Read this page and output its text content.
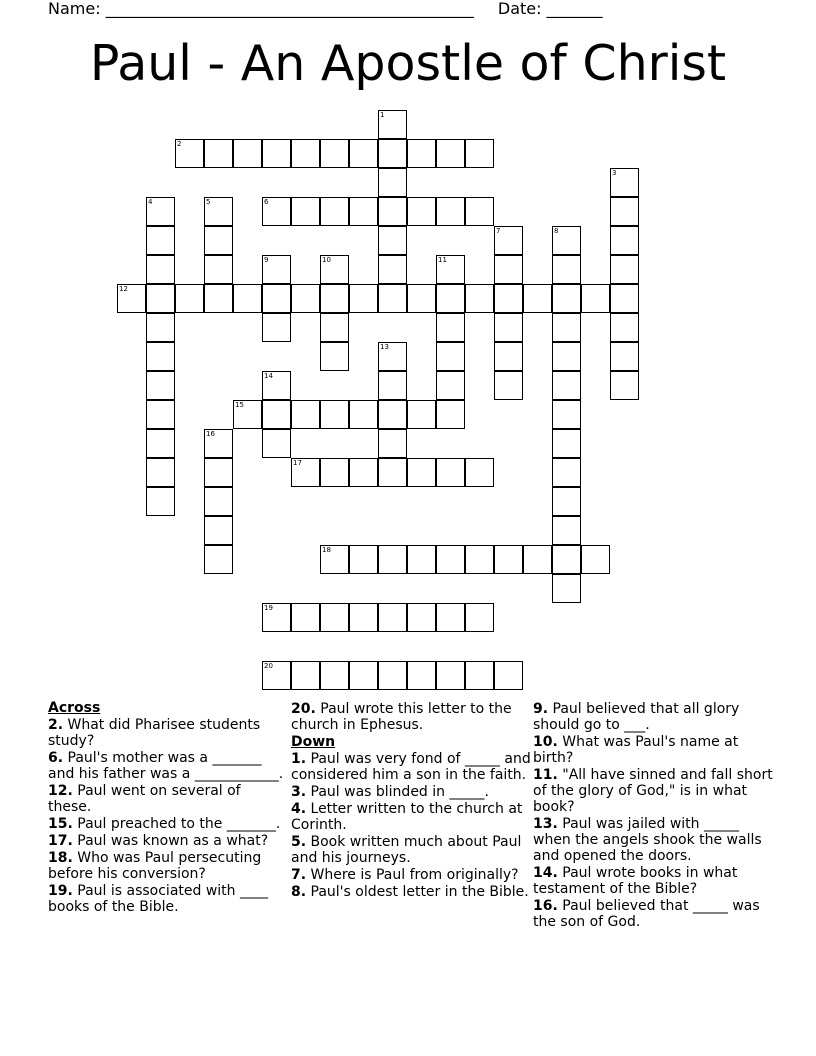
Name: ______________________________________________ Date: _______
Paul - An Apostle of Christ
1
2
3
4	5	6
7	8
9	10	11
12
13
14
15
16
17
18
19
20
Across
2. What did Pharisee students study?
6. Paul's mother was a _______ and his father was a ____________.
12. Paul went on several of these.
15. Paul preached to the _______.
17. Paul was known as a what?
18. Who was Paul persecuting before his conversion?
19. Paul is associated with ____ books of the Bible.
20. Paul wrote this letter to the church in Ephesus.
Down
1. Paul was very fond of _____ and considered him a son in the faith.
3. Paul was blinded in _____.
4. Letter written to the church at Corinth.
5. Book written much about Paul and his journeys.
7. Where is Paul from originally?
8. Paul's oldest letter in the Bible.
9. Paul believed that all glory should go to ___.
10. What was Paul's name at birth?
11. "All have sinned and fall short of the glory of God," is in what book?
13. Paul was jailed with _____ when the angels shook the walls and opened the doors.
14. Paul wrote books in what testament of the Bible?
16. Paul believed that _____ was the son of God.
